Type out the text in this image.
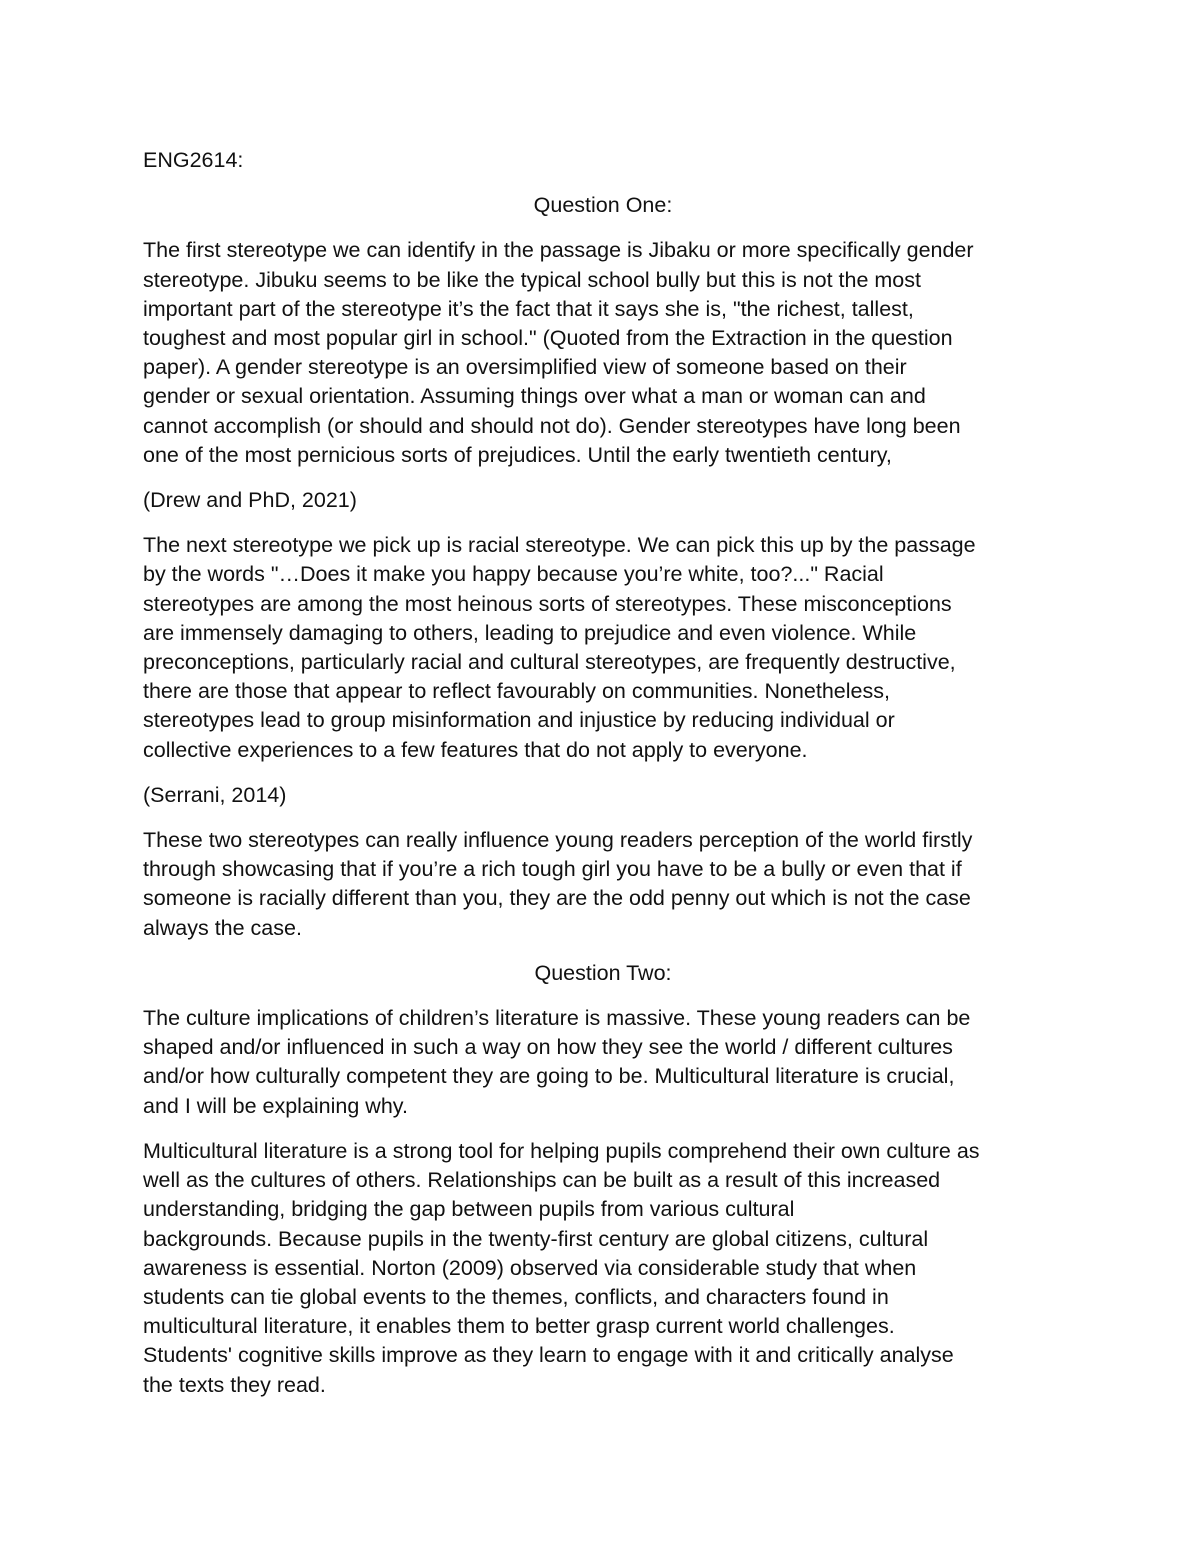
ENG2614:

Question One:

The first stereotype we can identify in the passage is Jibaku or more specifically gender
stereotype. Jibuku seems to be like the typical school bully but this is not the most
important part of the stereotype it’s the fact that it says she is, "the richest, tallest,
toughest and most popular girl in school." (Quoted from the Extraction in the question
paper). A gender stereotype is an oversimplified view of someone based on their
gender or sexual orientation. Assuming things over what a man or woman can and
cannot accomplish (or should and should not do). Gender stereotypes have long been
one of the most pernicious sorts of prejudices. Until the early twentieth century,

(Drew and PhD, 2021)

The next stereotype we pick up is racial stereotype. We can pick this up by the passage
by the words "…Does it make you happy because you’re white, too?..." Racial
stereotypes are among the most heinous sorts of stereotypes. These misconceptions
are immensely damaging to others, leading to prejudice and even violence. While
preconceptions, particularly racial and cultural stereotypes, are frequently destructive,
there are those that appear to reflect favourably on communities. Nonetheless,
stereotypes lead to group misinformation and injustice by reducing individual or
collective experiences to a few features that do not apply to everyone.

(Serrani, 2014)

These two stereotypes can really influence young readers perception of the world firstly
through showcasing that if you’re a rich tough girl you have to be a bully or even that if
someone is racially different than you, they are the odd penny out which is not the case
always the case.

Question Two:

The culture implications of children’s literature is massive. These young readers can be
shaped and/or influenced in such a way on how they see the world / different cultures
and/or how culturally competent they are going to be. Multicultural literature is crucial,
and I will be explaining why.

Multicultural literature is a strong tool for helping pupils comprehend their own culture as
well as the cultures of others. Relationships can be built as a result of this increased
understanding, bridging the gap between pupils from various cultural
backgrounds. Because pupils in the twenty-first century are global citizens, cultural
awareness is essential. Norton (2009) observed via considerable study that when
students can tie global events to the themes, conflicts, and characters found in
multicultural literature, it enables them to better grasp current world challenges.
Students' cognitive skills improve as they learn to engage with it and critically analyse
the texts they read.
